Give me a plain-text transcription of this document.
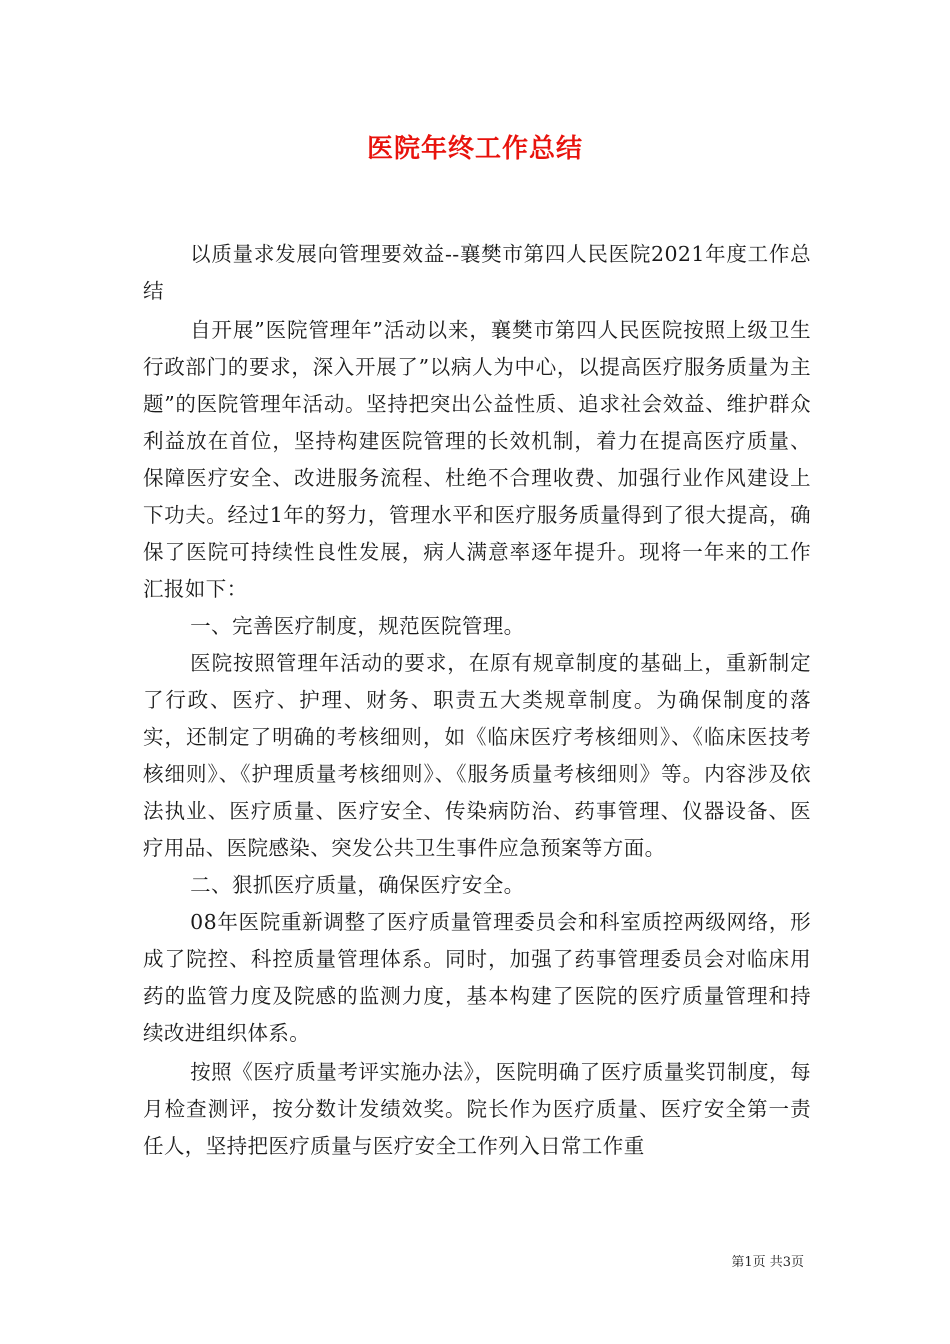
医院年终工作总结

以质量求发展向管理要效益--襄樊市第四人民医院2021年度工作总结

自开展”医院管理年”活动以来，襄樊市第四人民医院按照上级卫生行政部门的要求，深入开展了”以病人为中心，以提高医疗服务质量为主题”的医院管理年活动。坚持把突出公益性质、追求社会效益、维护群众利益放在首位，坚持构建医院管理的长效机制，着力在提高医疗质量、保障医疗安全、改进服务流程、杜绝不合理收费、加强行业作风建设上下功夫。经过1年的努力，管理水平和医疗服务质量得到了很大提高，确保了医院可持续性良性发展，病人满意率逐年提升。现将一年来的工作汇报如下：

一、完善医疗制度，规范医院管理。

医院按照管理年活动的要求，在原有规章制度的基础上，重新制定了行政、医疗、护理、财务、职责五大类规章制度。为确保制度的落实，还制定了明确的考核细则，如《临床医疗考核细则》、《临床医技考核细则》、《护理质量考核细则》、《服务质量考核细则》等。内容涉及依法执业、医疗质量、医疗安全、传染病防治、药事管理、仪器设备、医疗用品、医院感染、突发公共卫生事件应急预案等方面。

二、狠抓医疗质量，确保医疗安全。

08年医院重新调整了医疗质量管理委员会和科室质控两级网络，形成了院控、科控质量管理体系。同时，加强了药事管理委员会对临床用药的监管力度及院感的监测力度，基本构建了医院的医疗质量管理和持续改进组织体系。

按照《医疗质量考评实施办法》，医院明确了医疗质量奖罚制度，每月检查测评，按分数计发绩效奖。院长作为医疗质量、医疗安全第一责任人，坚持把医疗质量与医疗安全工作列入日常工作重

第1页 共3页
